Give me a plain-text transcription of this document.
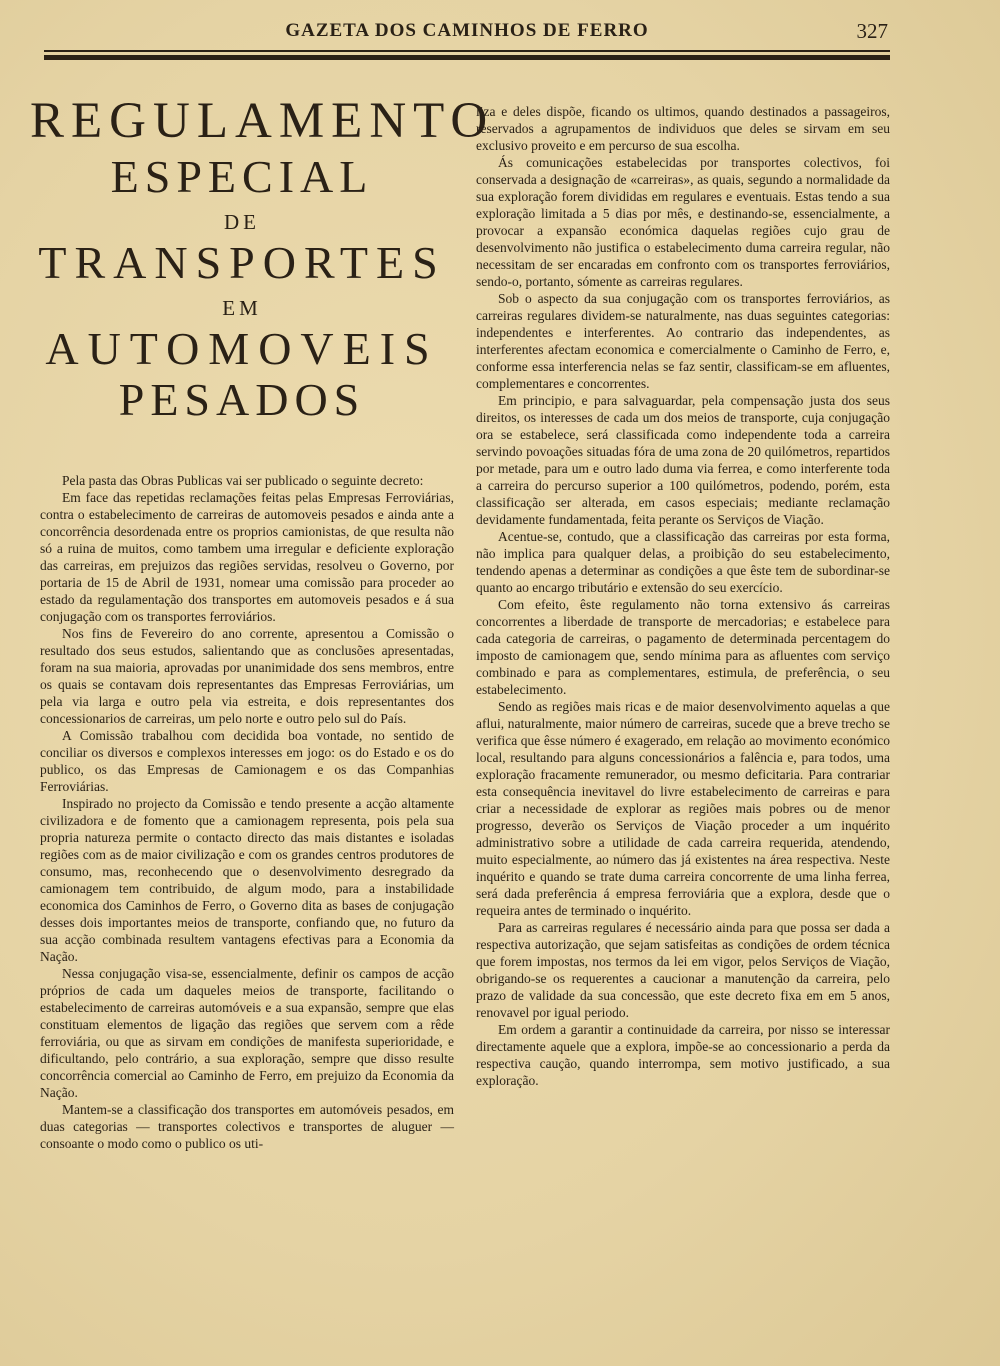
GAZETA DOS CAMINHOS DE FERRO	327
REGULAMENTO
ESPECIAL
DE
TRANSPORTES
EM
AUTOMOVEIS
PESADOS

Pela pasta das Obras Publicas vai ser publicado o seguinte decreto:

Em face das repetidas reclamações feitas pelas Empresas Ferroviárias, contra o estabelecimento de carreiras de automoveis pesados e ainda ante a concorrência desordenada entre os proprios camionistas, de que resulta não só a ruina de muitos, como tambem uma irregular e deficiente exploração das carreiras, em prejuizos das regiões servidas, resolveu o Governo, por portaria de 15 de Abril de 1931, nomear uma comissão para proceder ao estado da regulamentação dos transportes em automoveis pesados e á sua conjugação com os transportes ferroviários.

Nos fins de Fevereiro do ano corrente, apresentou a Comissão o resultado dos seus estudos, salientando que as conclusões apresentadas, foram na sua maioria, aprovadas por unanimidade dos sens membros, entre os quais se contavam dois representantes das Empresas Ferroviárias, um pela via larga e outro pela via estreita, e dois representantes dos concessionarios de carreiras, um pelo norte e outro pelo sul do País.

A Comissão trabalhou com decidida boa vontade, no sentido de conciliar os diversos e complexos interesses em jogo: os do Estado e os do publico, os das Empresas de Camionagem e os das Companhias Ferroviárias.

Inspirado no projecto da Comissão e tendo presente a acção altamente civilizadora e de fomento que a camionagem representa, pois pela sua propria natureza permite o contacto directo das mais distantes e isoladas regiões com as de maior civilização e com os grandes centros produtores de consumo, mas, reconhecendo que o desenvolvimento desregrado da camionagem tem contribuido, de algum modo, para a instabilidade economica dos Caminhos de Ferro, o Governo dita as bases de conjugação desses dois importantes meios de transporte, confiando que, no futuro da sua acção combinada resultem vantagens efectivas para a Economia da Nação.

Nessa conjugação visa-se, essencialmente, definir os campos de acção próprios de cada um daqueles meios de transporte, facilitando o estabelecimento de carreiras automóveis e a sua expansão, sempre que elas constituam elementos de ligação das regiões que servem com a rêde ferroviária, ou que as sirvam em condições de manifesta superioridade, e dificultando, pelo contrário, a sua exploração, sempre que disso resulte concorrência comercial ao Caminho de Ferro, em prejuizo da Economia da Nação.

Mantem-se a classificação dos transportes em automóveis pesados, em duas categorias — transportes colectivos e transportes de aluguer — consoante o modo como o publico os uti-

liza e deles dispõe, ficando os ultimos, quando destinados a passageiros, reservados a agrupamentos de individuos que deles se sirvam em seu exclusivo proveito e em percurso de sua escolha.

Ás comunicações estabelecidas por transportes colectivos, foi conservada a designação de «carreiras», as quais, segundo a normalidade da sua exploração forem divididas em regulares e eventuais. Estas tendo a sua exploração limitada a 5 dias por mês, e destinando-se, essencialmente, a provocar a expansão económica daquelas regiões cujo grau de desenvolvimento não justifica o estabelecimento duma carreira regular, não necessitam de ser encaradas em confronto com os transportes ferroviários, sendo-o, portanto, sómente as carreiras regulares.

Sob o aspecto da sua conjugação com os transportes ferroviários, as carreiras regulares dividem-se naturalmente, nas duas seguintes categorias: independentes e interferentes. Ao contrario das independentes, as interferentes afectam economica e comercialmente o Caminho de Ferro, e, conforme essa interferencia nelas se faz sentir, classificam-se em afluentes, complementares e concorrentes.

Em principio, e para salvaguardar, pela compensação justa dos seus direitos, os interesses de cada um dos meios de transporte, cuja conjugação ora se estabelece, será classificada como independente toda a carreira servindo povoações situadas fóra de uma zona de 20 quilómetros, repartidos por metade, para um e outro lado duma via ferrea, e como interferente toda a carreira do percurso superior a 100 quilómetros, podendo, porém, esta classificação ser alterada, em casos especiais; mediante reclamação devidamente fundamentada, feita perante os Serviços de Viação.

Acentue-se, contudo, que a classificação das carreiras por esta forma, não implica para qualquer delas, a proibição do seu estabelecimento, tendendo apenas a determinar as condições a que êste tem de subordinar-se quanto ao encargo tributário e extensão do seu exercício.

Com efeito, êste regulamento não torna extensivo ás carreiras concorrentes a liberdade de transporte de mercadorias; e estabelece para cada categoria de carreiras, o pagamento de determinada percentagem do imposto de camionagem que, sendo mínima para as afluentes com serviço combinado e para as complementares, estimula, de preferência, o seu estabelecimento.

Sendo as regiões mais ricas e de maior desenvolvimento aquelas a que aflui, naturalmente, maior número de carreiras, sucede que a breve trecho se verifica que êsse número é exagerado, em relação ao movimento económico local, resultando para alguns concessionários a falência e, para todos, uma exploração fracamente remunerador, ou mesmo deficitaria. Para contrariar esta consequência inevitavel do livre estabelecimento de carreiras e para criar a necessidade de explorar as regiões mais pobres ou de menor progresso, deverão os Serviços de Viação proceder a um inquérito administrativo sobre a utilidade de cada carreira requerida, atendendo, muito especialmente, ao número das já existentes na área respectiva. Neste inquérito e quando se trate duma carreira concorrente de uma linha ferrea, será dada preferência á empresa ferroviária que a explora, desde que o requeira antes de terminado o inquérito.

Para as carreiras regulares é necessário ainda para que possa ser dada a respectiva autorização, que sejam satisfeitas as condições de ordem técnica que forem impostas, nos termos da lei em vigor, pelos Serviços de Viação, obrigando-se os requerentes a caucionar a manutenção da carreira, pelo prazo de validade da sua concessão, que este decreto fixa em em 5 anos, renovavel por igual periodo.

Em ordem a garantir a continuidade da carreira, por nisso se interessar directamente aquele que a explora, impõe-se ao concessionario a perda da respectiva caução, quando interrompa, sem motivo justificado, a sua exploração.
